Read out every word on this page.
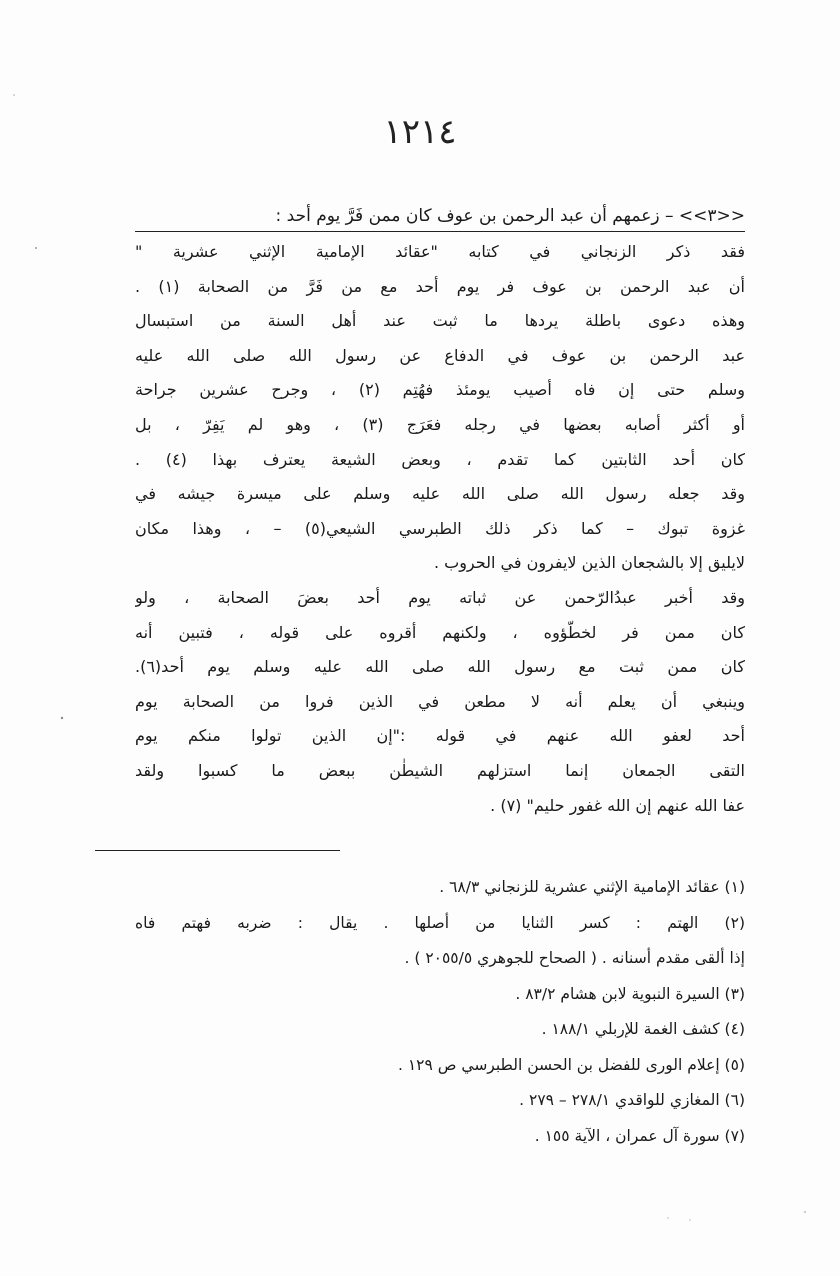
١٢١٤
<<٣>> – زعمهم أن عبد الرحمن بن عوف كان ممن فَرَّ يوم أحد :
فقد ذكر الزنجاني في كتابه "عقائد الإمامية الإثني عشرية "
أن عبد الرحمن بن عوف فر يوم أحد مع من فَرَّ من الصحابة (١) .
وهذه دعوى باطلة يردها ما ثبت عند أهل السنة من استبسال
عبد الرحمن بن عوف في الدفاع عن رسول الله صلى الله عليه
وسلم حتى إن فاه أصيب يومئذ فهُتِم (٢) ، وجرح عشرين جراحة
أو أكثر أصابه بعضها في رجله فعَرَج (٣) ، وهو لم يَفِرّ ، بل
كان أحد الثابتين كما تقدم ، وبعض الشيعة يعترف بهذا (٤) .
وقد جعله رسول الله صلى الله عليه وسلم على ميسرة جيشه في
غزوة تبوك – كما ذكر ذلك الطبرسي الشيعي(٥) – ، وهذا مكان
لايليق إلا بالشجعان الذين لايفرون في الحروب .
وقد أخبر عبدُالرّحمن عن ثباته يوم أحد بعضَ الصحابة ، ولو
كان ممن فر لخطّؤوه ، ولكنهم أقروه على قوله ، فتبين أنه
كان ممن ثبت مع رسول الله صلى الله عليه وسلم يوم أحد(٦).
وينبغي أن يعلم أنه لا مطعن في الذين فروا من الصحابة يوم
أحد لعفو الله عنهم في قوله :"إن الذين تولوا منكم يوم
التقى الجمعان إنما استزلهم الشيطٰن ببعض ما كسبوا ولقد
عفا الله عنهم إن الله غفور حليم" (٧) .
(١) عقائد الإمامية الإثني عشرية للزنجاني ٦٨/٣ .
(٢) الهتم : كسر الثنايا من أصلها . يقال : ضربه فهتم فاه
إذا ألقى مقدم أسنانه . ( الصحاح للجوهري ٢٠٥٥/٥ ) .
(٣) السيرة النبوية لابن هشام ٨٣/٢ .
(٤) كشف الغمة للإربلي ١٨٨/١ .
(٥) إعلام الورى للفضل بن الحسن الطبرسي ص ١٢٩ .
(٦) المغازي للواقدي ٢٧٨/١ – ٢٧٩ .
(٧) سورة آل عمران ، الآية ١٥٥ .
